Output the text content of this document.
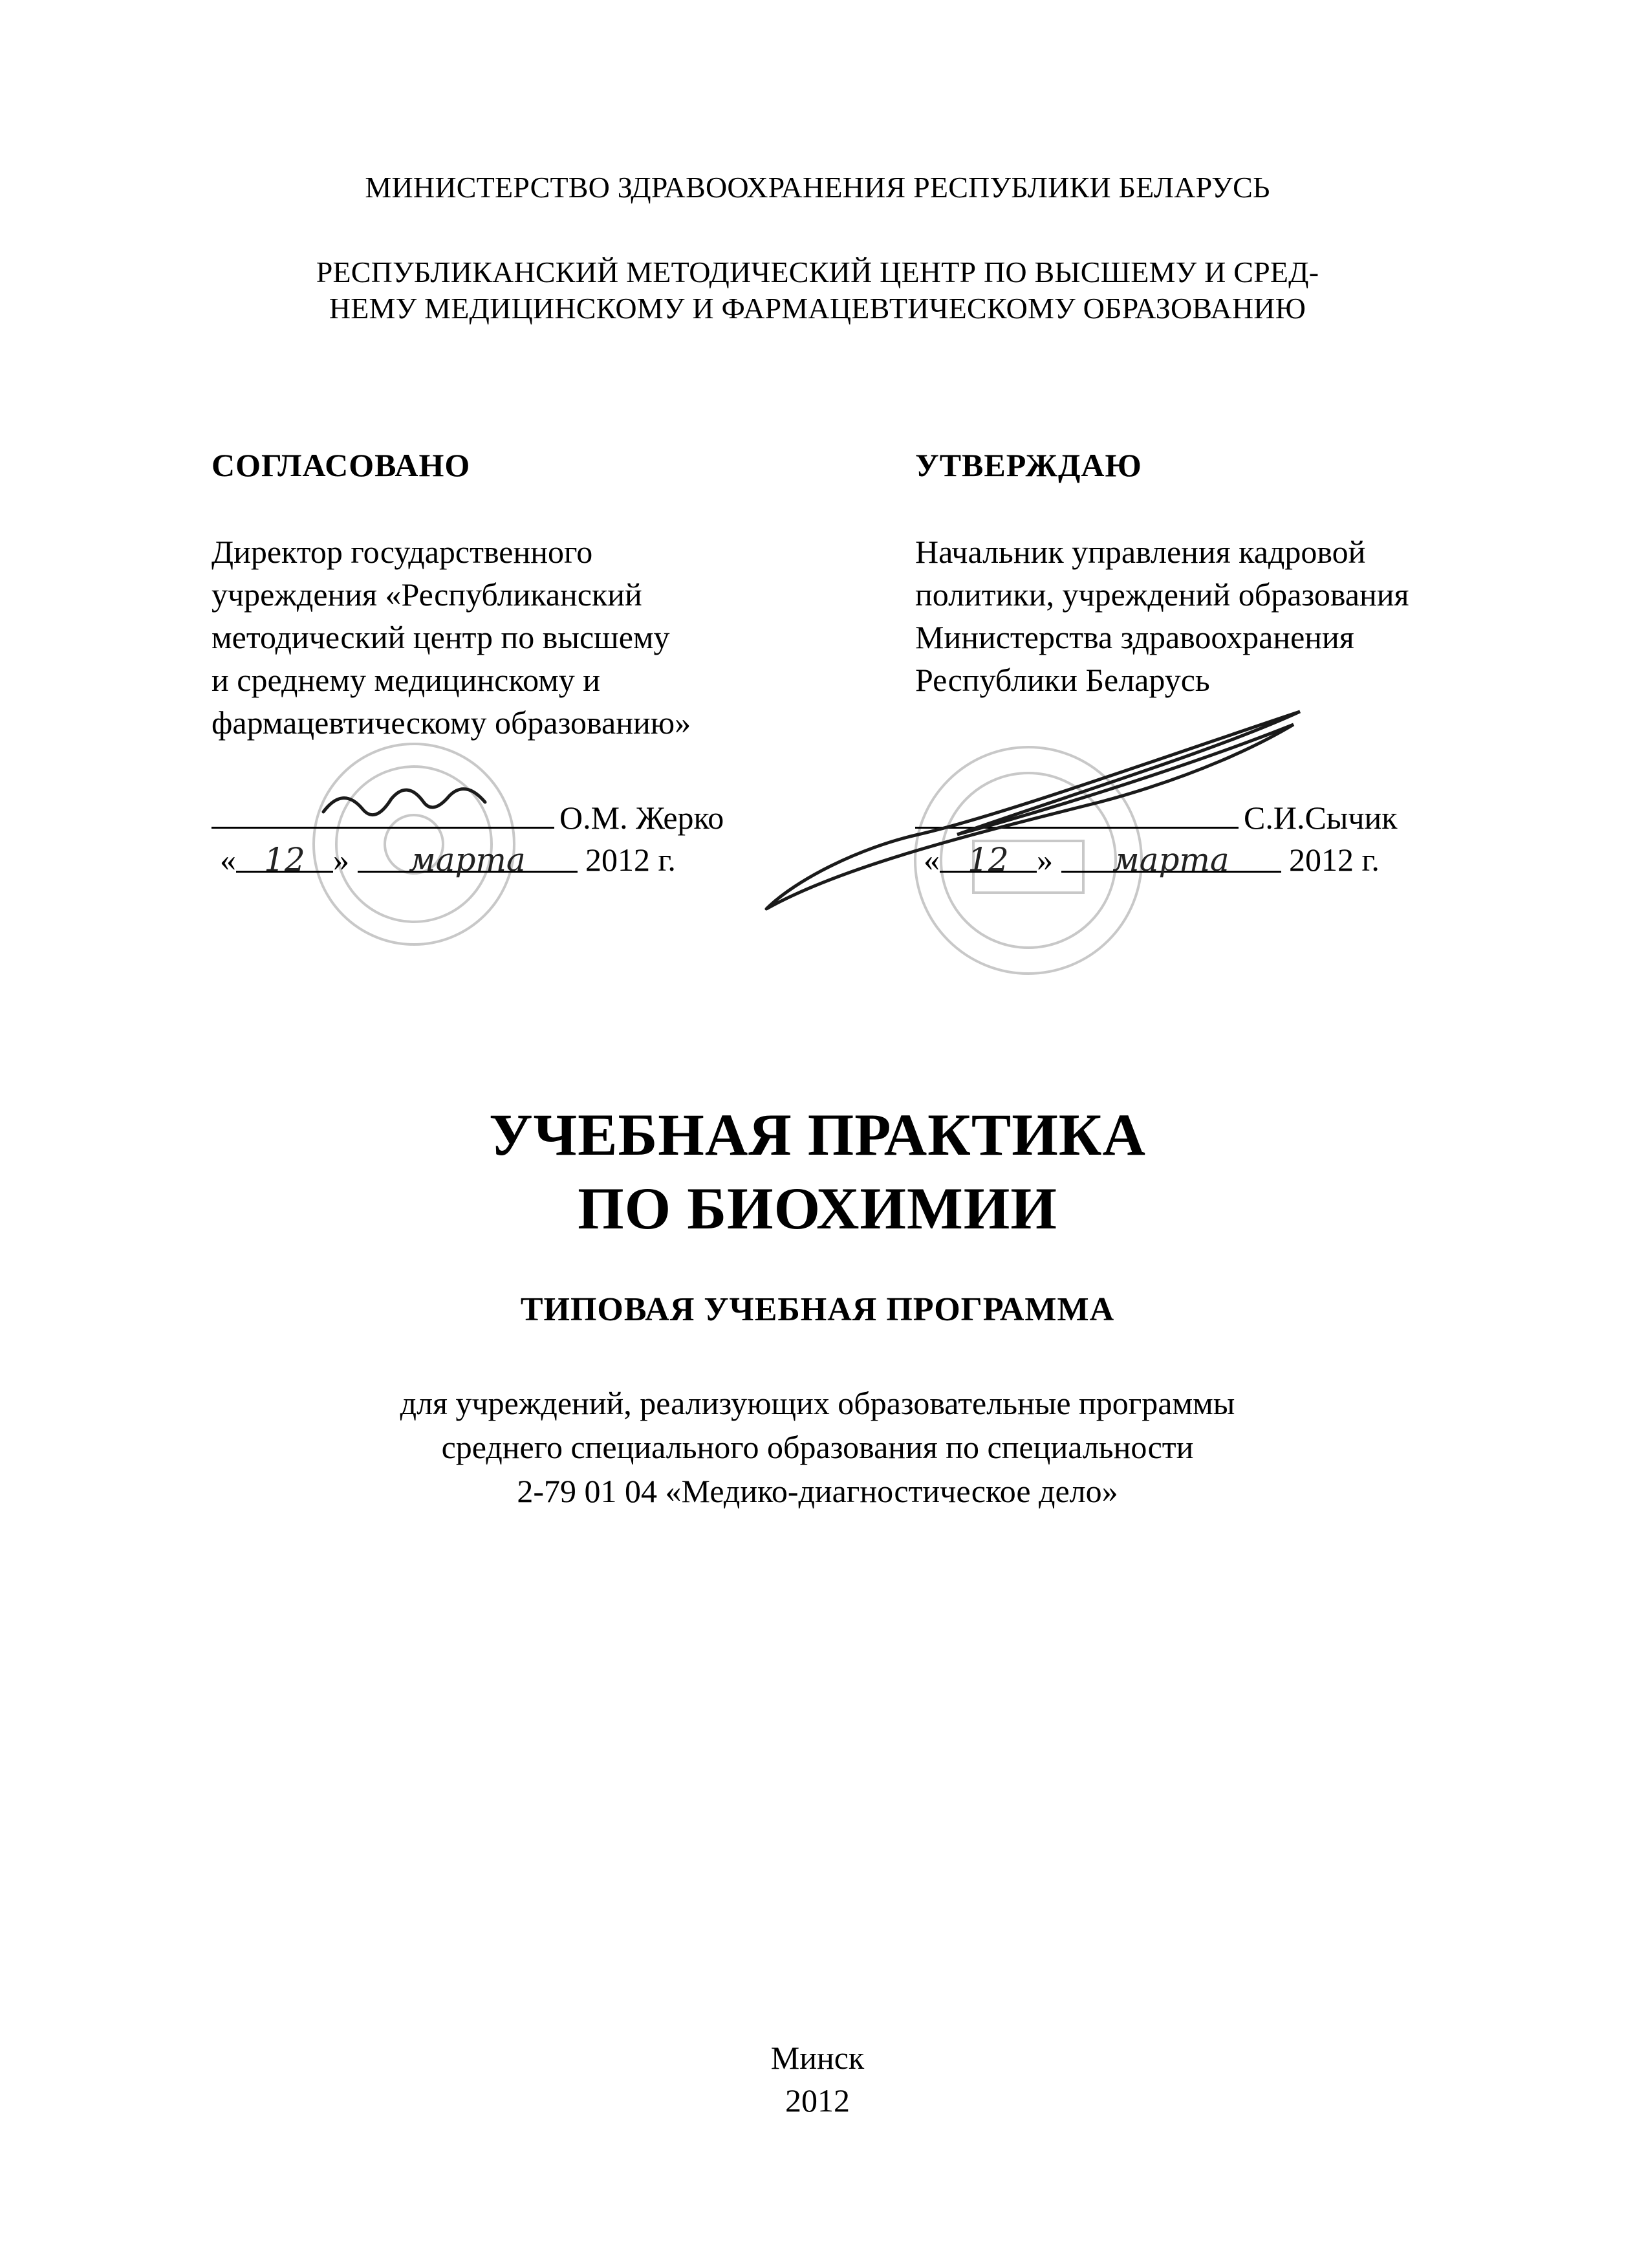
МИНИСТЕРСТВО ЗДРАВООХРАНЕНИЯ РЕСПУБЛИКИ БЕЛАРУСЬ
РЕСПУБЛИКАНСКИЙ МЕТОДИЧЕСКИЙ ЦЕНТР ПО ВЫСШЕМУ И СРЕД-
НЕМУ МЕДИЦИНСКОМУ И ФАРМАЦЕВТИЧЕСКОМУ ОБРАЗОВАНИЮ
СОГЛАСОВАНО
Директор государственного
учреждения «Республиканский
методический центр по высшему
и среднему медицинскому и
фармацевтическому образованию»
О.М. Жерко
« 12 » марта 2012 г.
УТВЕРЖДАЮ
Начальник управления кадровой
политики, учреждений образования
Министерства здравоохранения
Республики Беларусь
С.И.Сычик
« 12 » марта 2012 г.
УЧЕБНАЯ ПРАКТИКА
ПО БИОХИМИИ
ТИПОВАЯ УЧЕБНАЯ ПРОГРАММА
для учреждений, реализующих образовательные программы
среднего специального образования по специальности
2-79 01 04 «Медико-диагностическое дело»
Минск
2012
